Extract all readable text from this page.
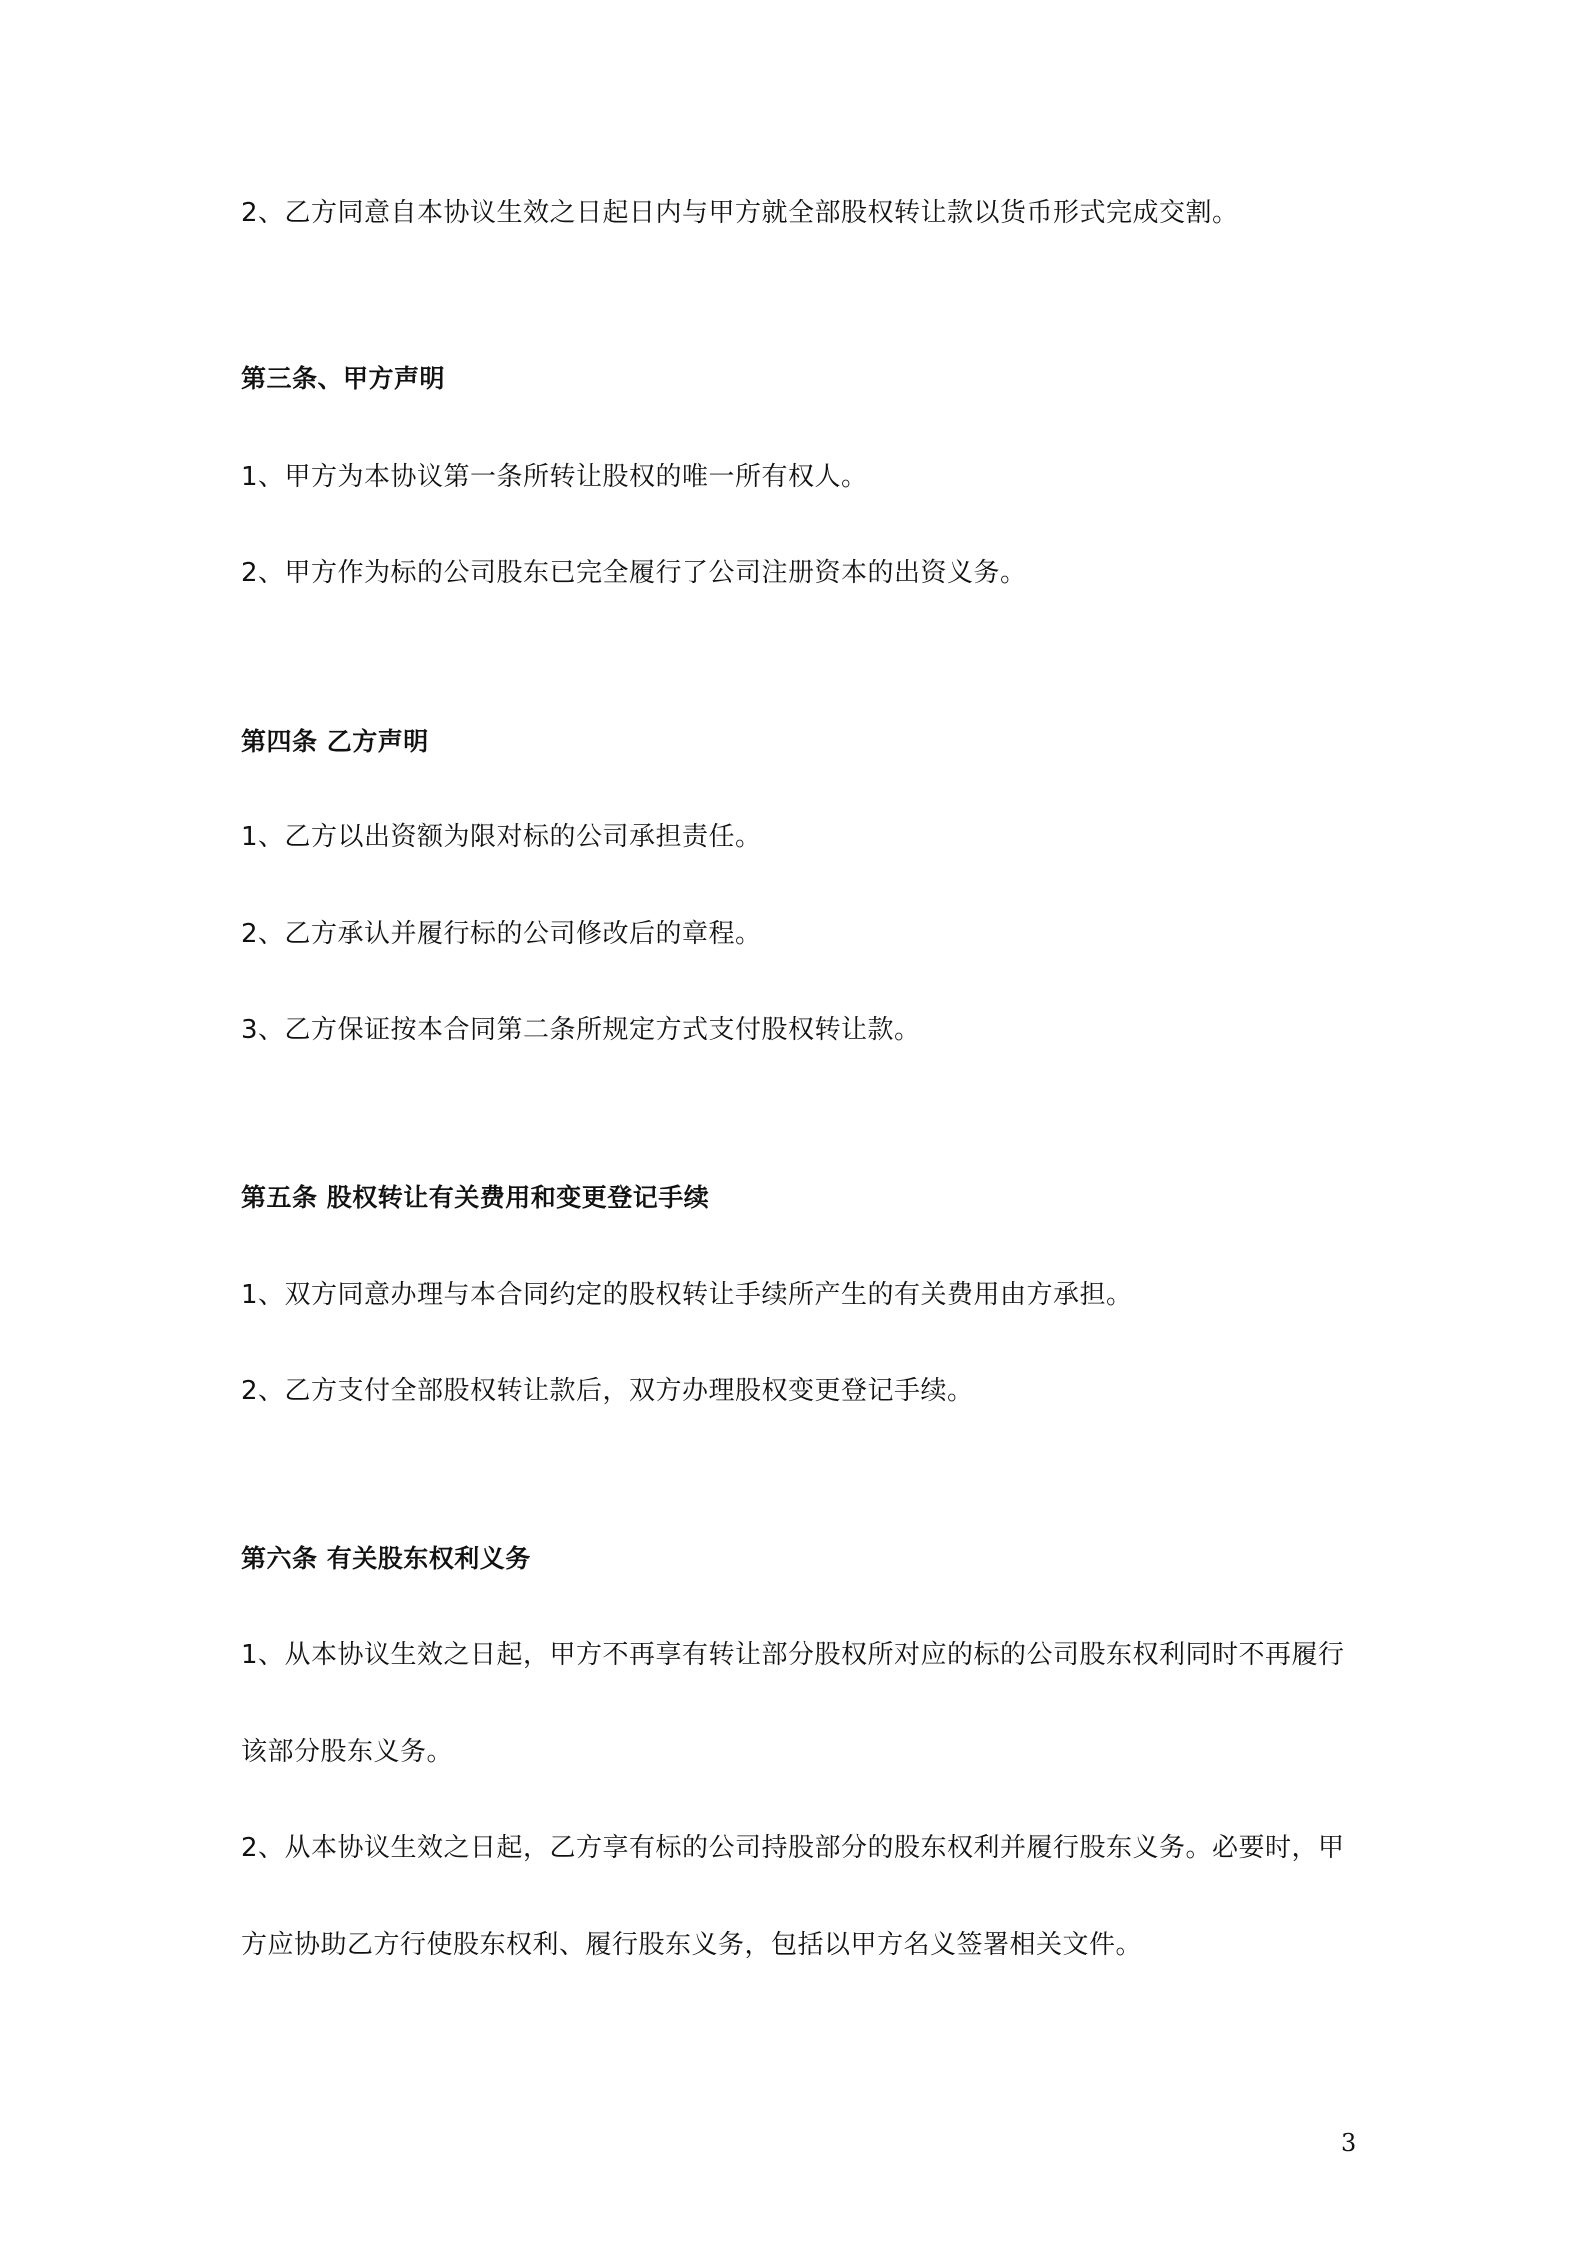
2、乙方同意自本协议生效之日起日内与甲方就全部股权转让款以货币形式完成交割。
第三条、甲方声明
1、甲方为本协议第一条所转让股权的唯一所有权人。
2、甲方作为标的公司股东已完全履行了公司注册资本的出资义务。
第四条 乙方声明
1、乙方以出资额为限对标的公司承担责任。
2、乙方承认并履行标的公司修改后的章程。
3、乙方保证按本合同第二条所规定方式支付股权转让款。
第五条 股权转让有关费用和变更登记手续
1、双方同意办理与本合同约定的股权转让手续所产生的有关费用由方承担。
2、乙方支付全部股权转让款后，双方办理股权变更登记手续。
第六条 有关股东权利义务
1、从本协议生效之日起，甲方不再享有转让部分股权所对应的标的公司股东权利同时不再履行
该部分股东义务。
2、从本协议生效之日起，乙方享有标的公司持股部分的股东权利并履行股东义务。必要时，甲
方应协助乙方行使股东权利、履行股东义务，包括以甲方名义签署相关文件。
3
